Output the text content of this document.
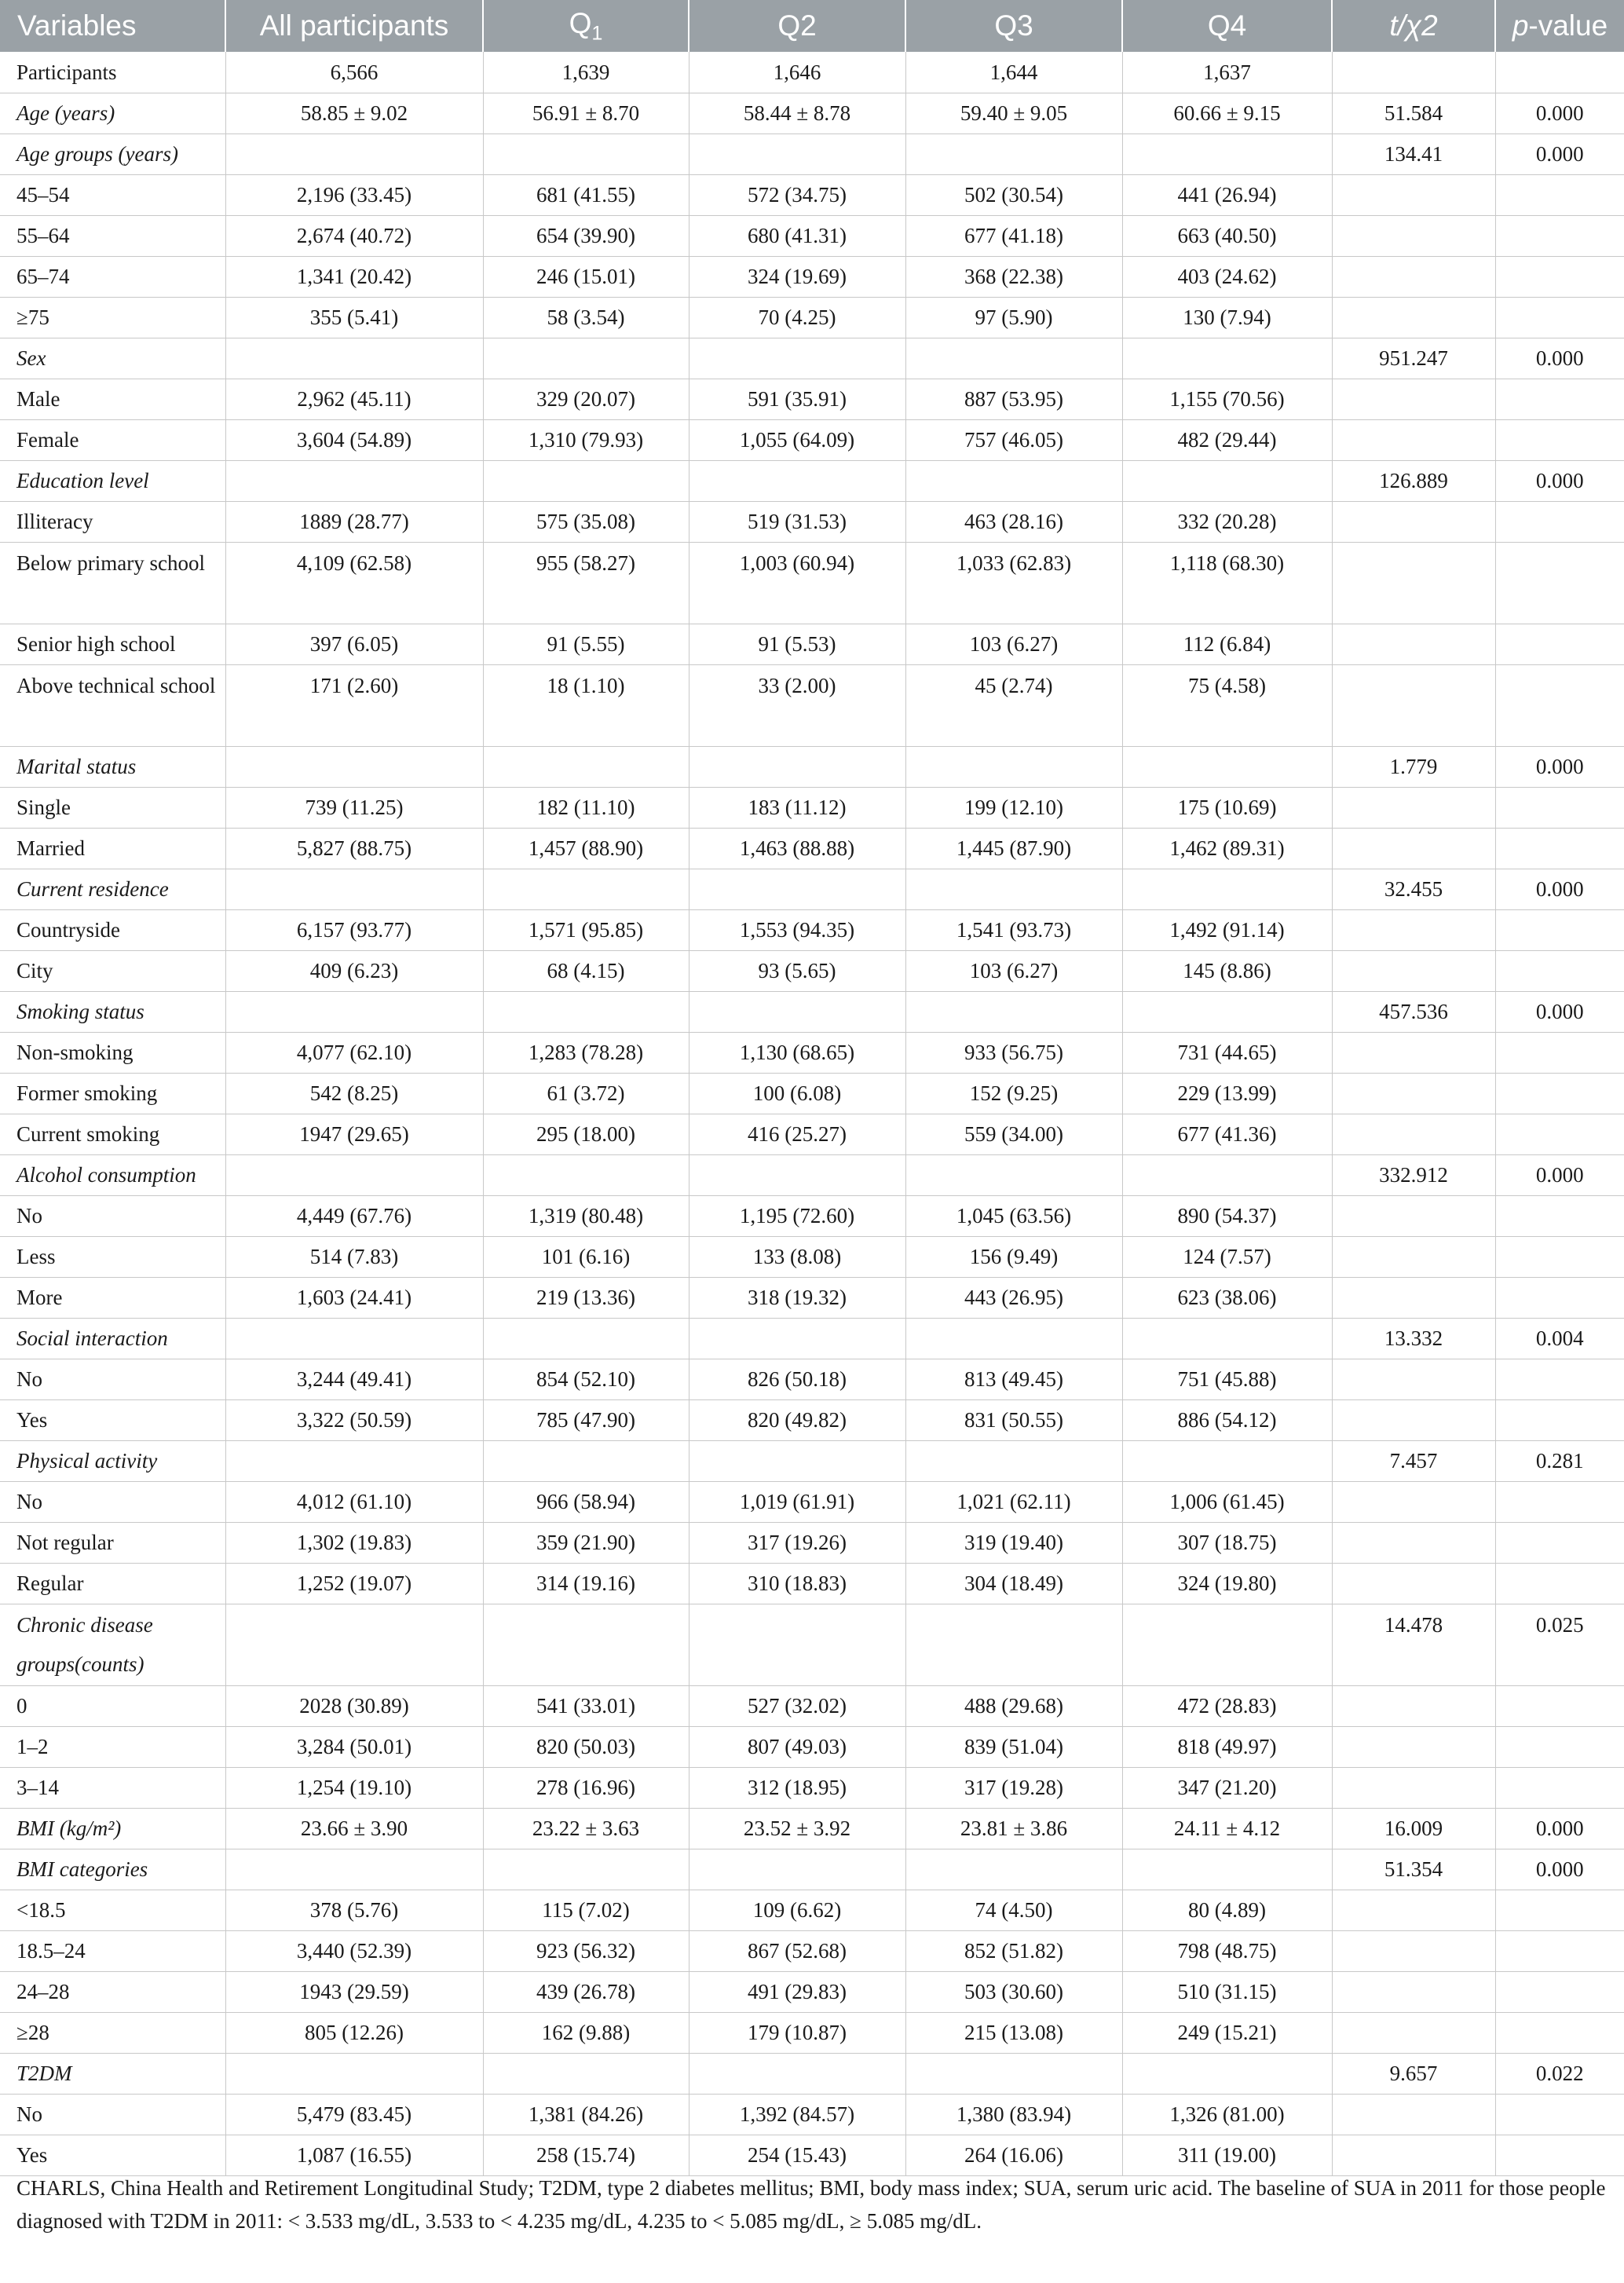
Variables	All participants	$Q_1$	Q2	Q3	Q4	t/χ2	p-value
Participants	6,566	1,639	1,646	1,644	1,637		
Age (years)	58.85 ± 9.02	56.91 ± 8.70	58.44 ± 8.78	59.40 ± 9.05	60.66 ± 9.15	51.584	0.000
Age groups (years)						134.41	0.000
45–54	2,196 (33.45)	681 (41.55)	572 (34.75)	502 (30.54)	441 (26.94)		
55–64	2,674 (40.72)	654 (39.90)	680 (41.31)	677 (41.18)	663 (40.50)		
65–74	1,341 (20.42)	246 (15.01)	324 (19.69)	368 (22.38)	403 (24.62)		
≥75	355 (5.41)	58 (3.54)	70 (4.25)	97 (5.90)	130 (7.94)		
Sex						951.247	0.000
Male	2,962 (45.11)	329 (20.07)	591 (35.91)	887 (53.95)	1,155 (70.56)		
Female	3,604 (54.89)	1,310 (79.93)	1,055 (64.09)	757 (46.05)	482 (29.44)		
Education level						126.889	0.000
Illiteracy	1889 (28.77)	575 (35.08)	519 (31.53)	463 (28.16)	332 (20.28)		
Below primary school	4,109 (62.58)	955 (58.27)	1,003 (60.94)	1,033 (62.83)	1,118 (68.30)		
Senior high school	397 (6.05)	91 (5.55)	91 (5.53)	103 (6.27)	112 (6.84)		
Above technical school	171 (2.60)	18 (1.10)	33 (2.00)	45 (2.74)	75 (4.58)		
Marital status						1.779	0.000
Single	739 (11.25)	182 (11.10)	183 (11.12)	199 (12.10)	175 (10.69)		
Married	5,827 (88.75)	1,457 (88.90)	1,463 (88.88)	1,445 (87.90)	1,462 (89.31)		
Current residence						32.455	0.000
Countryside	6,157 (93.77)	1,571 (95.85)	1,553 (94.35)	1,541 (93.73)	1,492 (91.14)		
City	409 (6.23)	68 (4.15)	93 (5.65)	103 (6.27)	145 (8.86)		
Smoking status						457.536	0.000
Non-smoking	4,077 (62.10)	1,283 (78.28)	1,130 (68.65)	933 (56.75)	731 (44.65)		
Former smoking	542 (8.25)	61 (3.72)	100 (6.08)	152 (9.25)	229 (13.99)		
Current smoking	1947 (29.65)	295 (18.00)	416 (25.27)	559 (34.00)	677 (41.36)		
Alcohol consumption						332.912	0.000
No	4,449 (67.76)	1,319 (80.48)	1,195 (72.60)	1,045 (63.56)	890 (54.37)		
Less	514 (7.83)	101 (6.16)	133 (8.08)	156 (9.49)	124 (7.57)		
More	1,603 (24.41)	219 (13.36)	318 (19.32)	443 (26.95)	623 (38.06)		
Social interaction						13.332	0.004
No	3,244 (49.41)	854 (52.10)	826 (50.18)	813 (49.45)	751 (45.88)		
Yes	3,322 (50.59)	785 (47.90)	820 (49.82)	831 (50.55)	886 (54.12)		
Physical activity						7.457	0.281
No	4,012 (61.10)	966 (58.94)	1,019 (61.91)	1,021 (62.11)	1,006 (61.45)		
Not regular	1,302 (19.83)	359 (21.90)	317 (19.26)	319 (19.40)	307 (18.75)		
Regular	1,252 (19.07)	314 (19.16)	310 (18.83)	304 (18.49)	324 (19.80)		
Chronic disease groups(counts)						14.478	0.025
0	2028 (30.89)	541 (33.01)	527 (32.02)	488 (29.68)	472 (28.83)		
1–2	3,284 (50.01)	820 (50.03)	807 (49.03)	839 (51.04)	818 (49.97)		
3–14	1,254 (19.10)	278 (16.96)	312 (18.95)	317 (19.28)	347 (21.20)		
BMI (kg/m²)	23.66 ± 3.90	23.22 ± 3.63	23.52 ± 3.92	23.81 ± 3.86	24.11 ± 4.12	16.009	0.000
BMI categories						51.354	0.000
<18.5	378 (5.76)	115 (7.02)	109 (6.62)	74 (4.50)	80 (4.89)		
18.5–24	3,440 (52.39)	923 (56.32)	867 (52.68)	852 (51.82)	798 (48.75)		
24–28	1943 (29.59)	439 (26.78)	491 (29.83)	503 (30.60)	510 (31.15)		
≥28	805 (12.26)	162 (9.88)	179 (10.87)	215 (13.08)	249 (15.21)		
T2DM						9.657	0.022
No	5,479 (83.45)	1,381 (84.26)	1,392 (84.57)	1,380 (83.94)	1,326 (81.00)		
Yes	1,087 (16.55)	258 (15.74)	254 (15.43)	264 (16.06)	311 (19.00)		
CHARLS, China Health and Retirement Longitudinal Study; T2DM, type 2 diabetes mellitus; BMI, body mass index; SUA, serum uric acid. The baseline of SUA in 2011 for those people diagnosed with T2DM in 2011: < 3.533 mg/dL, 3.533 to < 4.235 mg/dL, 4.235 to < 5.085 mg/dL, ≥ 5.085 mg/dL.
